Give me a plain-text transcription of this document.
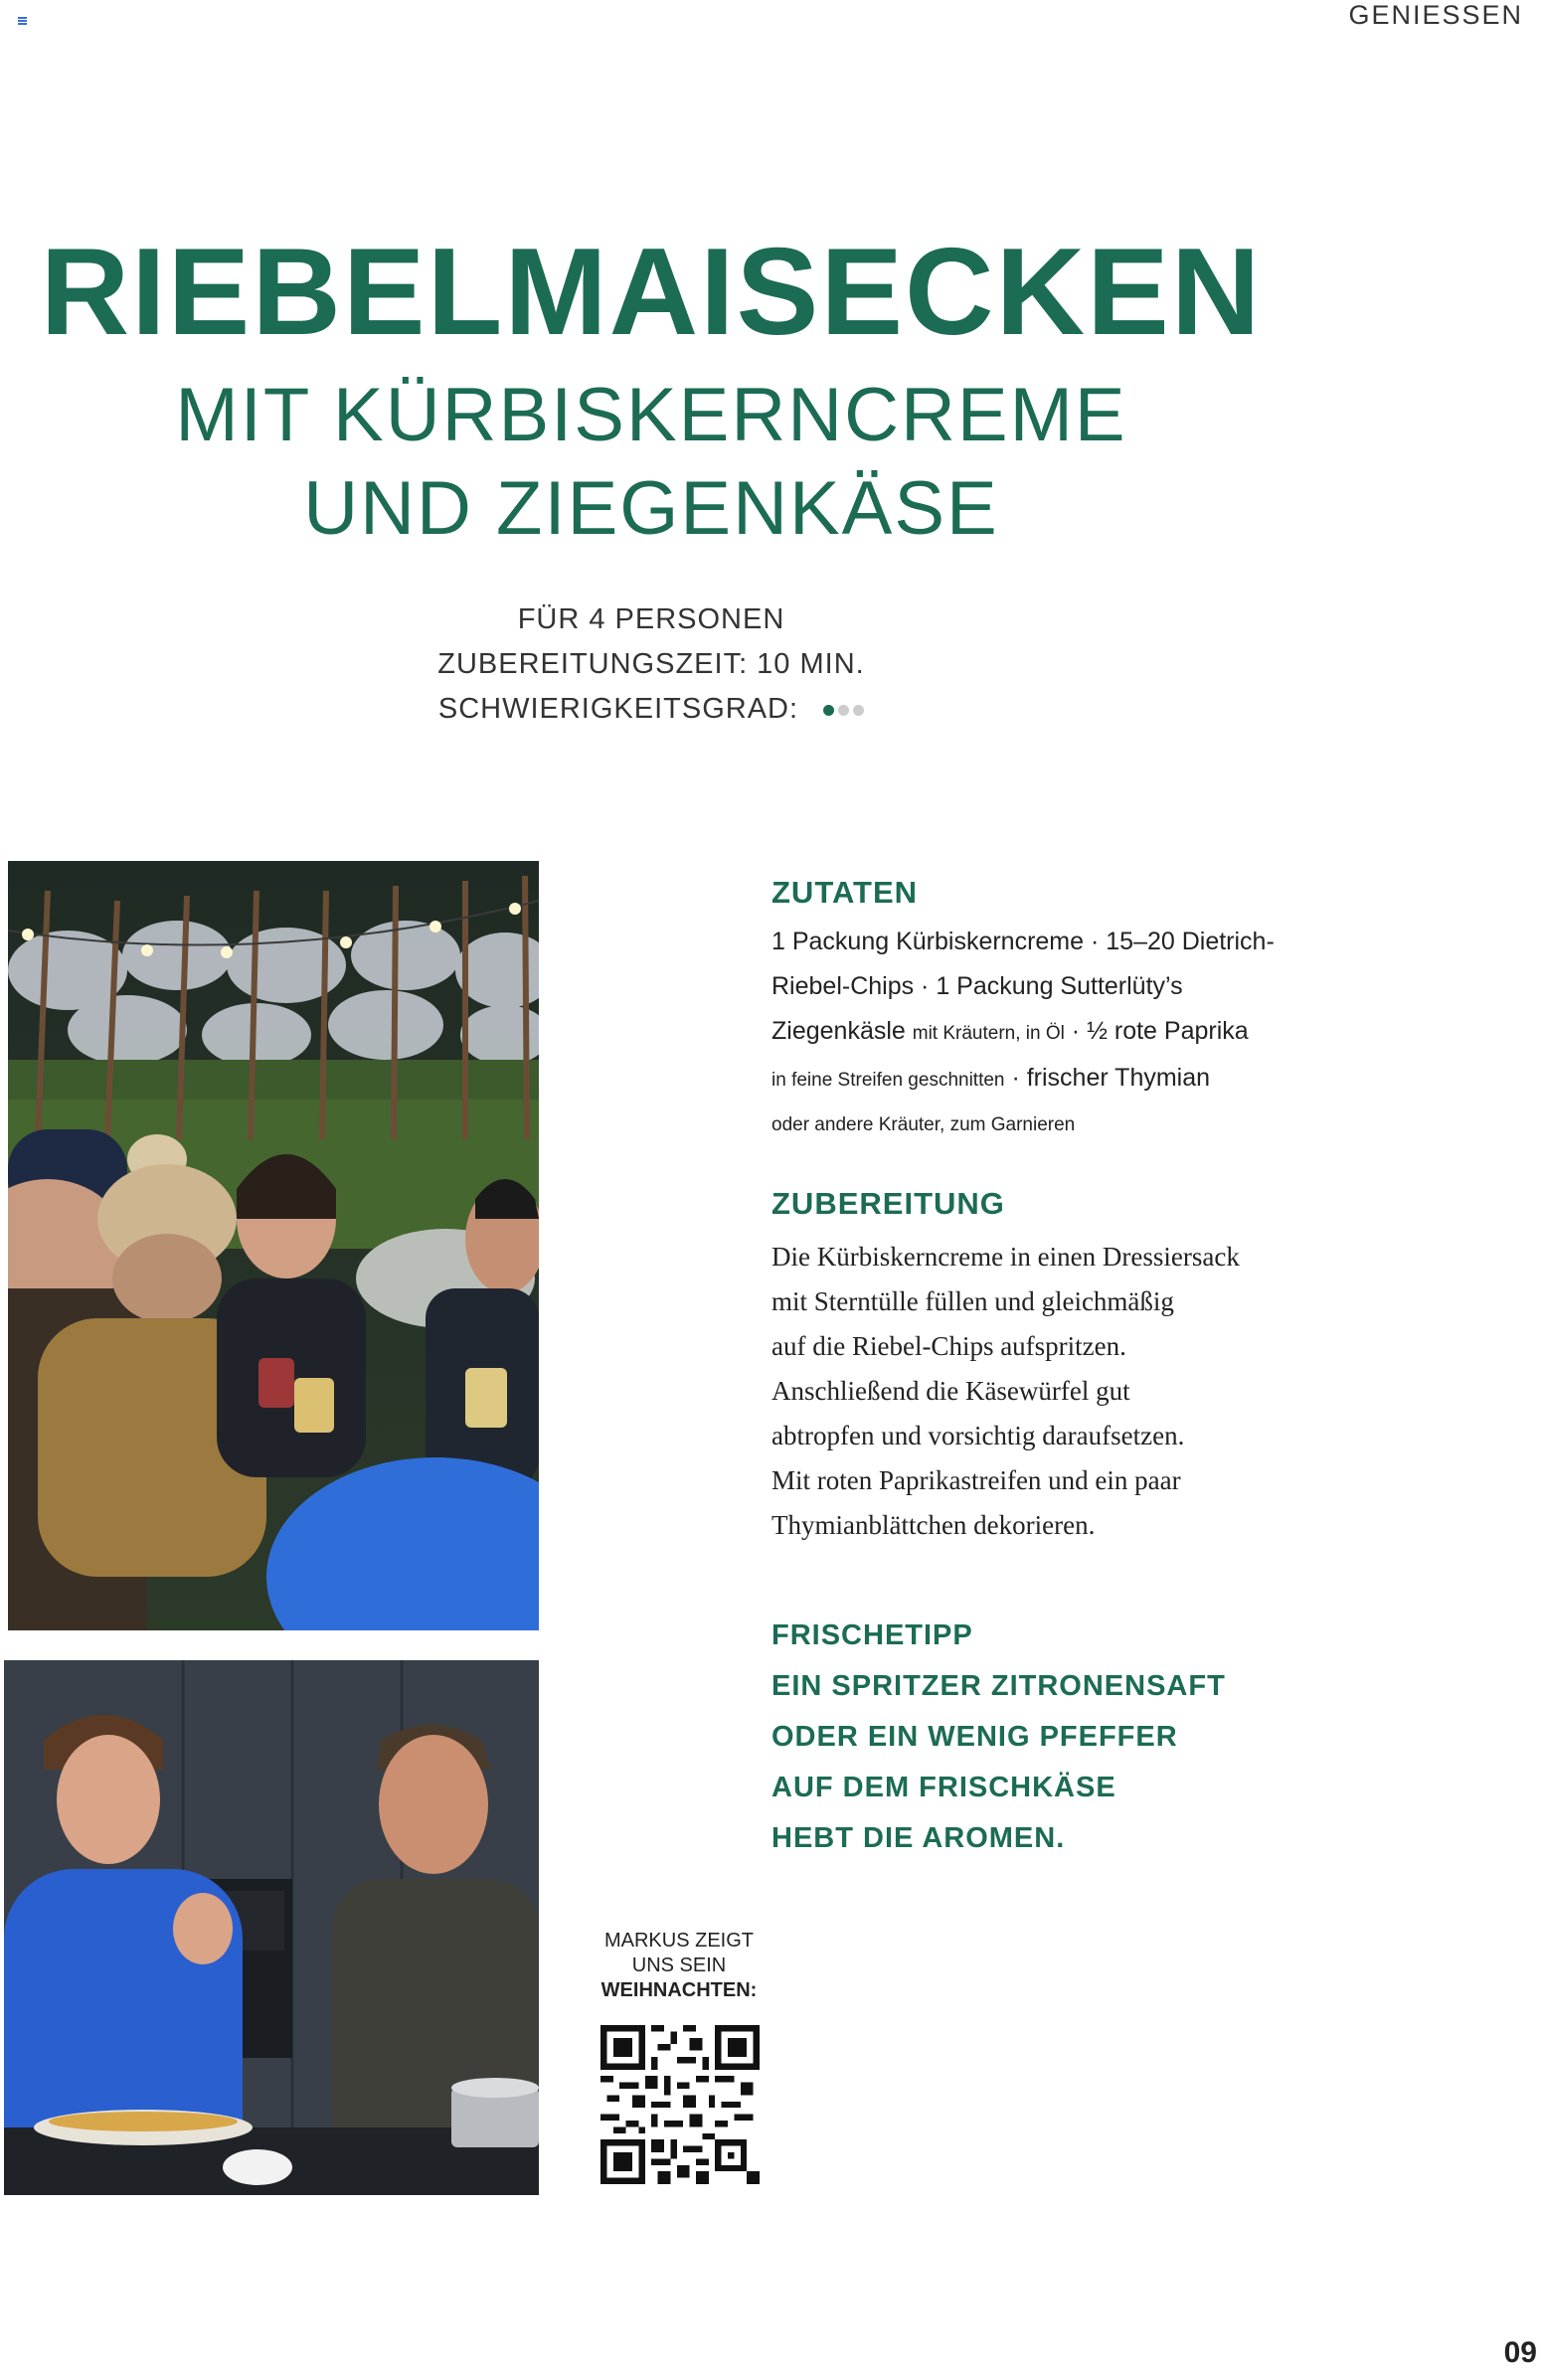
GENIESSEN
RIEBELMAISECKEN
MIT KÜRBISKERNCREME
UND ZIEGENKÄSE
FÜR 4 PERSONEN
ZUBEREITUNGSZEIT: 10 MIN.
SCHWIERIGKEITSGRAD:
ZUTATEN
1 Packung Kürbiskerncreme · 15–20 Dietrich-
Riebel-Chips · 1 Packung Sutterlüty’s
Ziegenkäsle mit Kräutern, in Öl · ½ rote Paprika
in feine Streifen geschnitten · frischer Thymian
oder andere Kräuter, zum Garnieren
ZUBEREITUNG
Die Kürbiskerncreme in einen Dressiersack
mit Sterntülle füllen und gleichmäßig
auf die Riebel-Chips aufspritzen.
Anschließend die Käsewürfel gut
abtropfen und vorsichtig daraufsetzen.
Mit roten Paprikastreifen und ein paar
Thymianblättchen dekorieren.
FRISCHETIPP
EIN SPRITZER ZITRONENSAFT
ODER EIN WENIG PFEFFER
AUF DEM FRISCHKÄSE
HEBT DIE AROMEN.
MARKUS ZEIGT
UNS SEIN
WEIHNACHTEN:
09
